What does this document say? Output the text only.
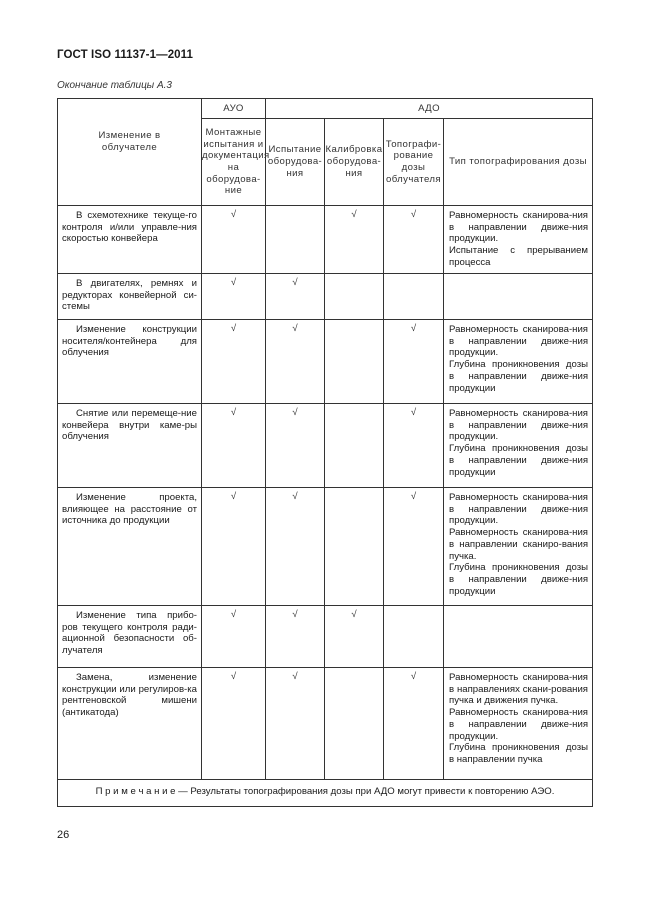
ГОСТ ISO 11137-1—2011
Окончание таблицы А.3
Изменение в облучателе	АУО	АДО			
	Монтажные испытания и документация на оборудова-ние	Испытание оборудова-ния	Калибровка оборудова-ния	Топографи-рование дозы облучателя	Тип топографирования дозы
В схемотехнике текуще-го контроля и/или управле-ния скоростью конвейера	√		√	√	Равномерность сканирова-ния в направлении движе-ния продукции.
Испытание с прерыванием процесса

В двигателях, ремнях и редукторах конвейерной си-стемы	√	√			
Изменение конструкции носителя/контейнера для облучения	√	√		√	Равномерность сканирова-ния в направлении движе-ния продукции.
Глубина проникновения дозы в направлении движе-ния продукции

Снятие или перемеще-ние конвейера внутри каме-ры облучения	√	√		√	Равномерность сканирова-ния в направлении движе-ния продукции.
Глубина проникновения дозы в направлении движе-ния продукции

Изменение проекта, влияющее на расстояние от источника до продукции	√	√		√	Равномерность сканирова-ния в направлении движе-ния продукции.
Равномерность сканирова-ния в направлении сканиро-вания пучка.
Глубина проникновения дозы в направлении движе-ния продукции

Изменение типа прибо-ров текущего контроля ради-ационной безопасности об-лучателя	√	√	√		
Замена, изменение конструкции или регулиров-ка рентгеновской мишени (антикатода)	√	√		√	Равномерность сканирова-ния в направлениях скани-рования пучка и движения пучка.
Равномерность сканирова-ния в направлении движе-ния продукции.
Глубина проникновения дозы в направлении пучка

П р и м е ч а н и е — Результаты топографирования дозы при АДО могут привести к повторению АЭО.					
26
